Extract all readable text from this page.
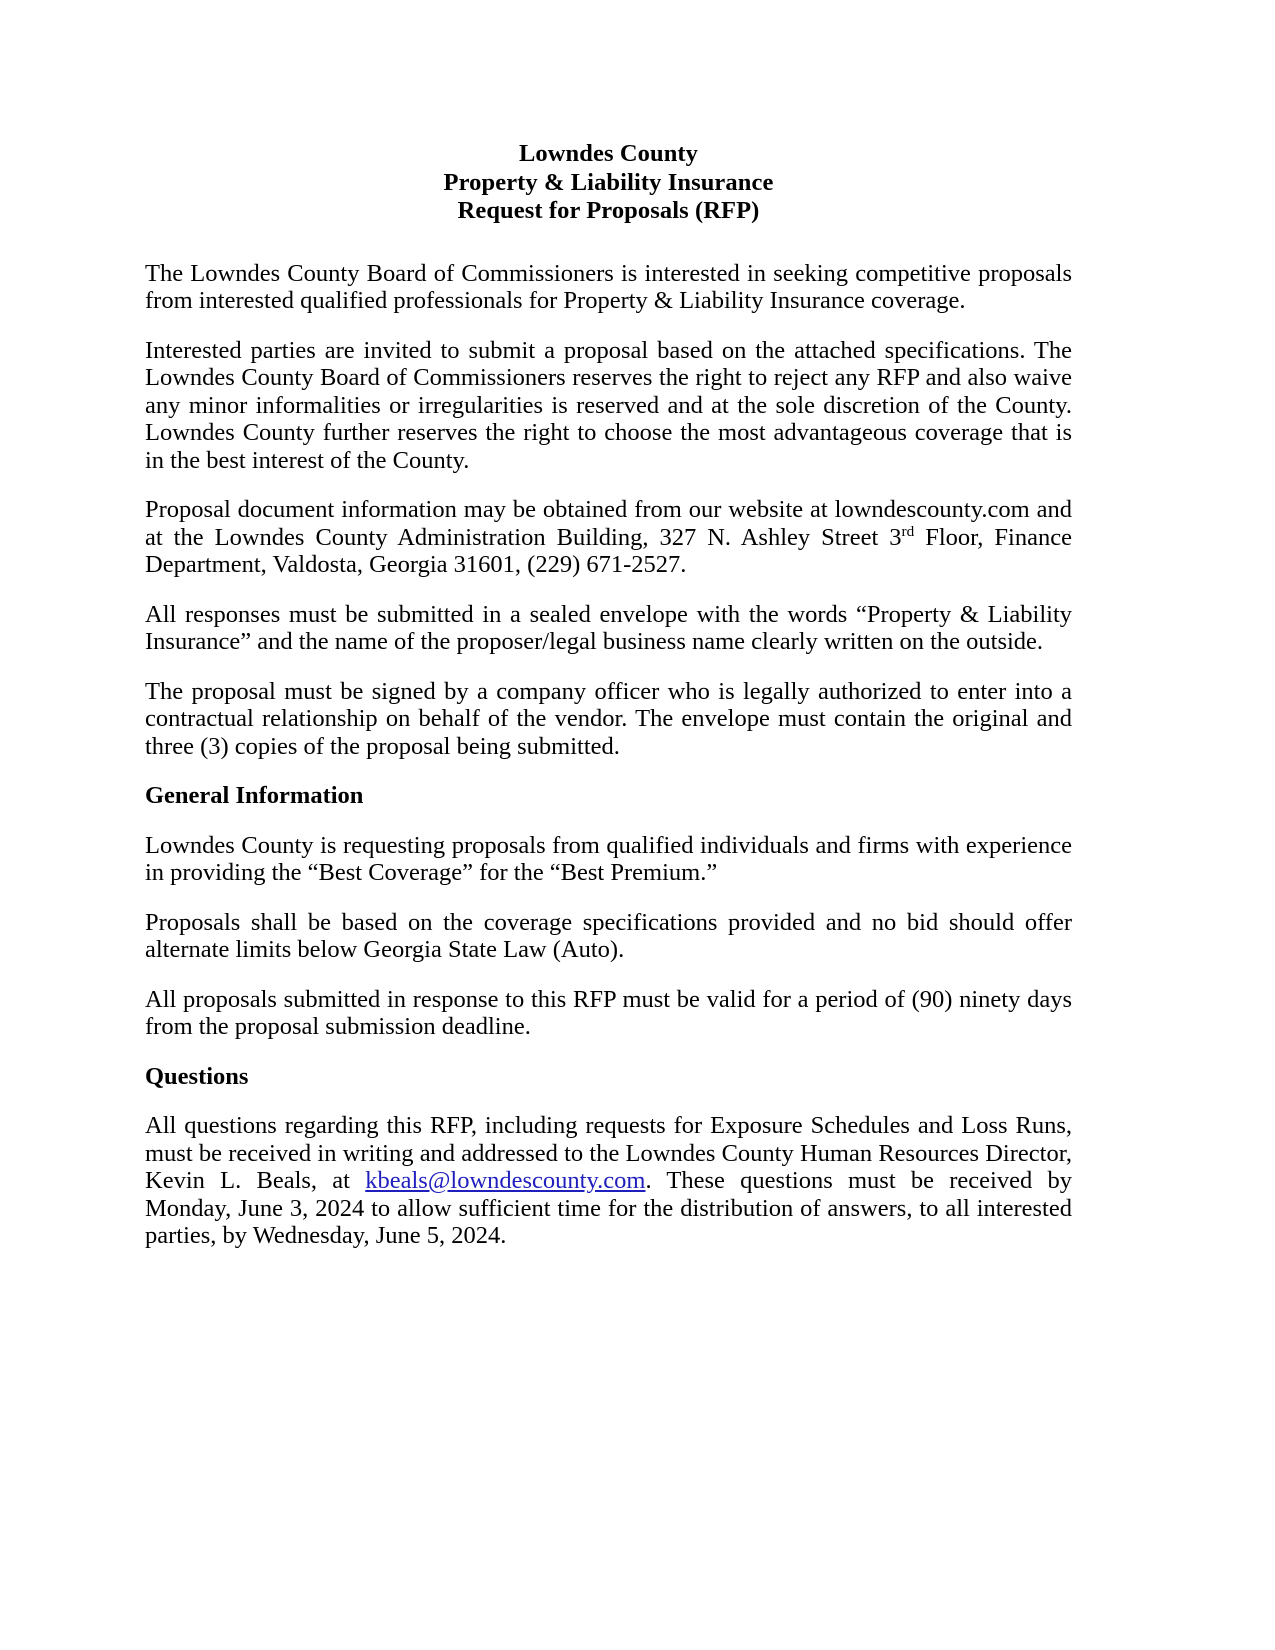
Lowndes County
Property & Liability Insurance
Request for Proposals (RFP)

The Lowndes County Board of Commissioners is interested in seeking competitive proposals from interested qualified professionals for Property & Liability Insurance coverage.

Interested parties are invited to submit a proposal based on the attached specifications. The Lowndes County Board of Commissioners reserves the right to reject any RFP and also waive any minor informalities or irregularities is reserved and at the sole discretion of the County. Lowndes County further reserves the right to choose the most advantageous coverage that is in the best interest of the County.

Proposal document information may be obtained from our website at lowndescounty.com and at the Lowndes County Administration Building, 327 N. Ashley Street 3rd Floor, Finance Department, Valdosta, Georgia 31601, (229) 671-2527.

All responses must be submitted in a sealed envelope with the words “Property & Liability Insurance” and the name of the proposer/legal business name clearly written on the outside.

The proposal must be signed by a company officer who is legally authorized to enter into a contractual relationship on behalf of the vendor. The envelope must contain the original and three (3) copies of the proposal being submitted.

General Information

Lowndes County is requesting proposals from qualified individuals and firms with experience in providing the “Best Coverage” for the “Best Premium.”

Proposals shall be based on the coverage specifications provided and no bid should offer alternate limits below Georgia State Law (Auto).

All proposals submitted in response to this RFP must be valid for a period of (90) ninety days from the proposal submission deadline.

Questions

All questions regarding this RFP, including requests for Exposure Schedules and Loss Runs, must be received in writing and addressed to the Lowndes County Human Resources Director, Kevin L. Beals, at kbeals@lowndescounty.com. These questions must be received by Monday, June 3, 2024 to allow sufficient time for the distribution of answers, to all interested parties, by Wednesday, June 5, 2024.
